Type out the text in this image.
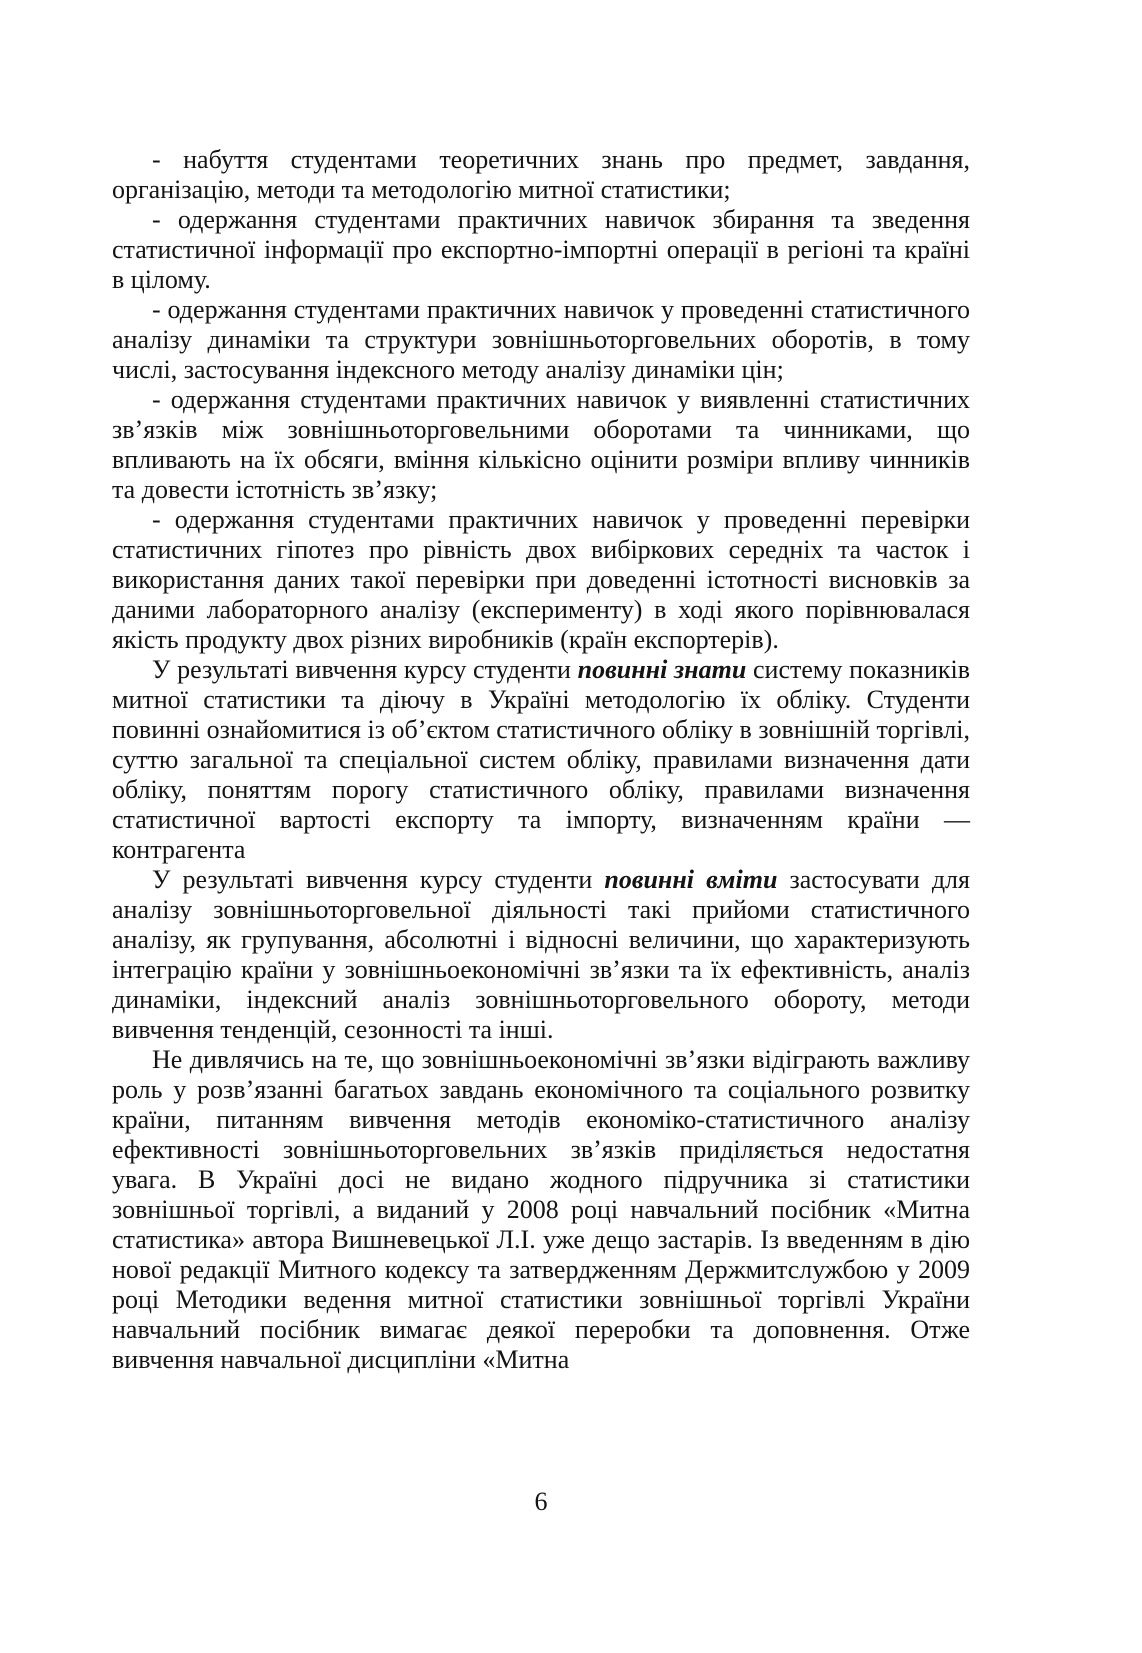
- набуття студентами теоретичних знань про предмет, завдання, організацію, методи та методологію митної статистики;

- одержання студентами практичних навичок збирання та зведення статистичної інформації про експортно-імпортні операції в регіоні та країні в цілому.

- одержання студентами практичних навичок у проведенні статистичного аналізу динаміки та структури зовнішньоторговельних оборотів, в тому числі, застосування індексного методу аналізу динаміки цін;

- одержання студентами практичних навичок у виявленні статистичних зв’язків між зовнішньоторговельними оборотами та чинниками, що впливають на їх обсяги, вміння кількісно оцінити розміри впливу чинників та довести істотність зв’язку;

- одержання студентами практичних навичок у проведенні перевірки статистичних гіпотез про рівність двох вибіркових середніх та часток і використання даних такої перевірки при доведенні істотності висновків за даними лабораторного аналізу (експерименту) в ході якого порівнювалася якість продукту двох різних виробників (країн експортерів).

У результаті вивчення курсу студенти повинні знати систему показників митної статистики та діючу в Україні методологію їх обліку. Студенти повинні ознайомитися із об’єктом статистичного обліку в зовнішній торгівлі, суттю загальної та спеціальної систем обліку, правилами визначення дати обліку, поняттям порогу статистичного обліку, правилами визначення статистичної вартості експорту та імпорту, визначенням країни — контрагента

У результаті вивчення курсу студенти повинні вміти застосувати для аналізу зовнішньоторговельної діяльності такі прийоми статистичного аналізу, як групування, абсолютні і відносні величини, що характеризують інтеграцію країни у зовнішньоекономічні зв’язки та їх ефективність, аналіз динаміки, індексний аналіз зовнішньоторговельного обороту, методи вивчення тенденцій, сезонності та інші.

Не дивлячись на те, що зовнішньоекономічні зв’язки відіграють важливу роль у розв’язанні багатьох завдань економічного та соціального розвитку країни, питанням вивчення методів економіко-статистичного аналізу ефективності зовнішньоторговельних зв’язків приділяється недостатня увага. В Україні досі не видано жодного підручника зі статистики зовнішньої торгівлі, а виданий у 2008 році навчальний посібник «Митна статистика» автора Вишневецької Л.І. уже дещо застарів. Із введенням в дію нової редакції Митного кодексу та затвердженням Держмитслужбою у 2009 році Методики ведення митної статистики зовнішньої торгівлі України навчальний посібник вимагає деякої переробки та доповнення. Отже вивчення навчальної дисципліни «Митна

6
